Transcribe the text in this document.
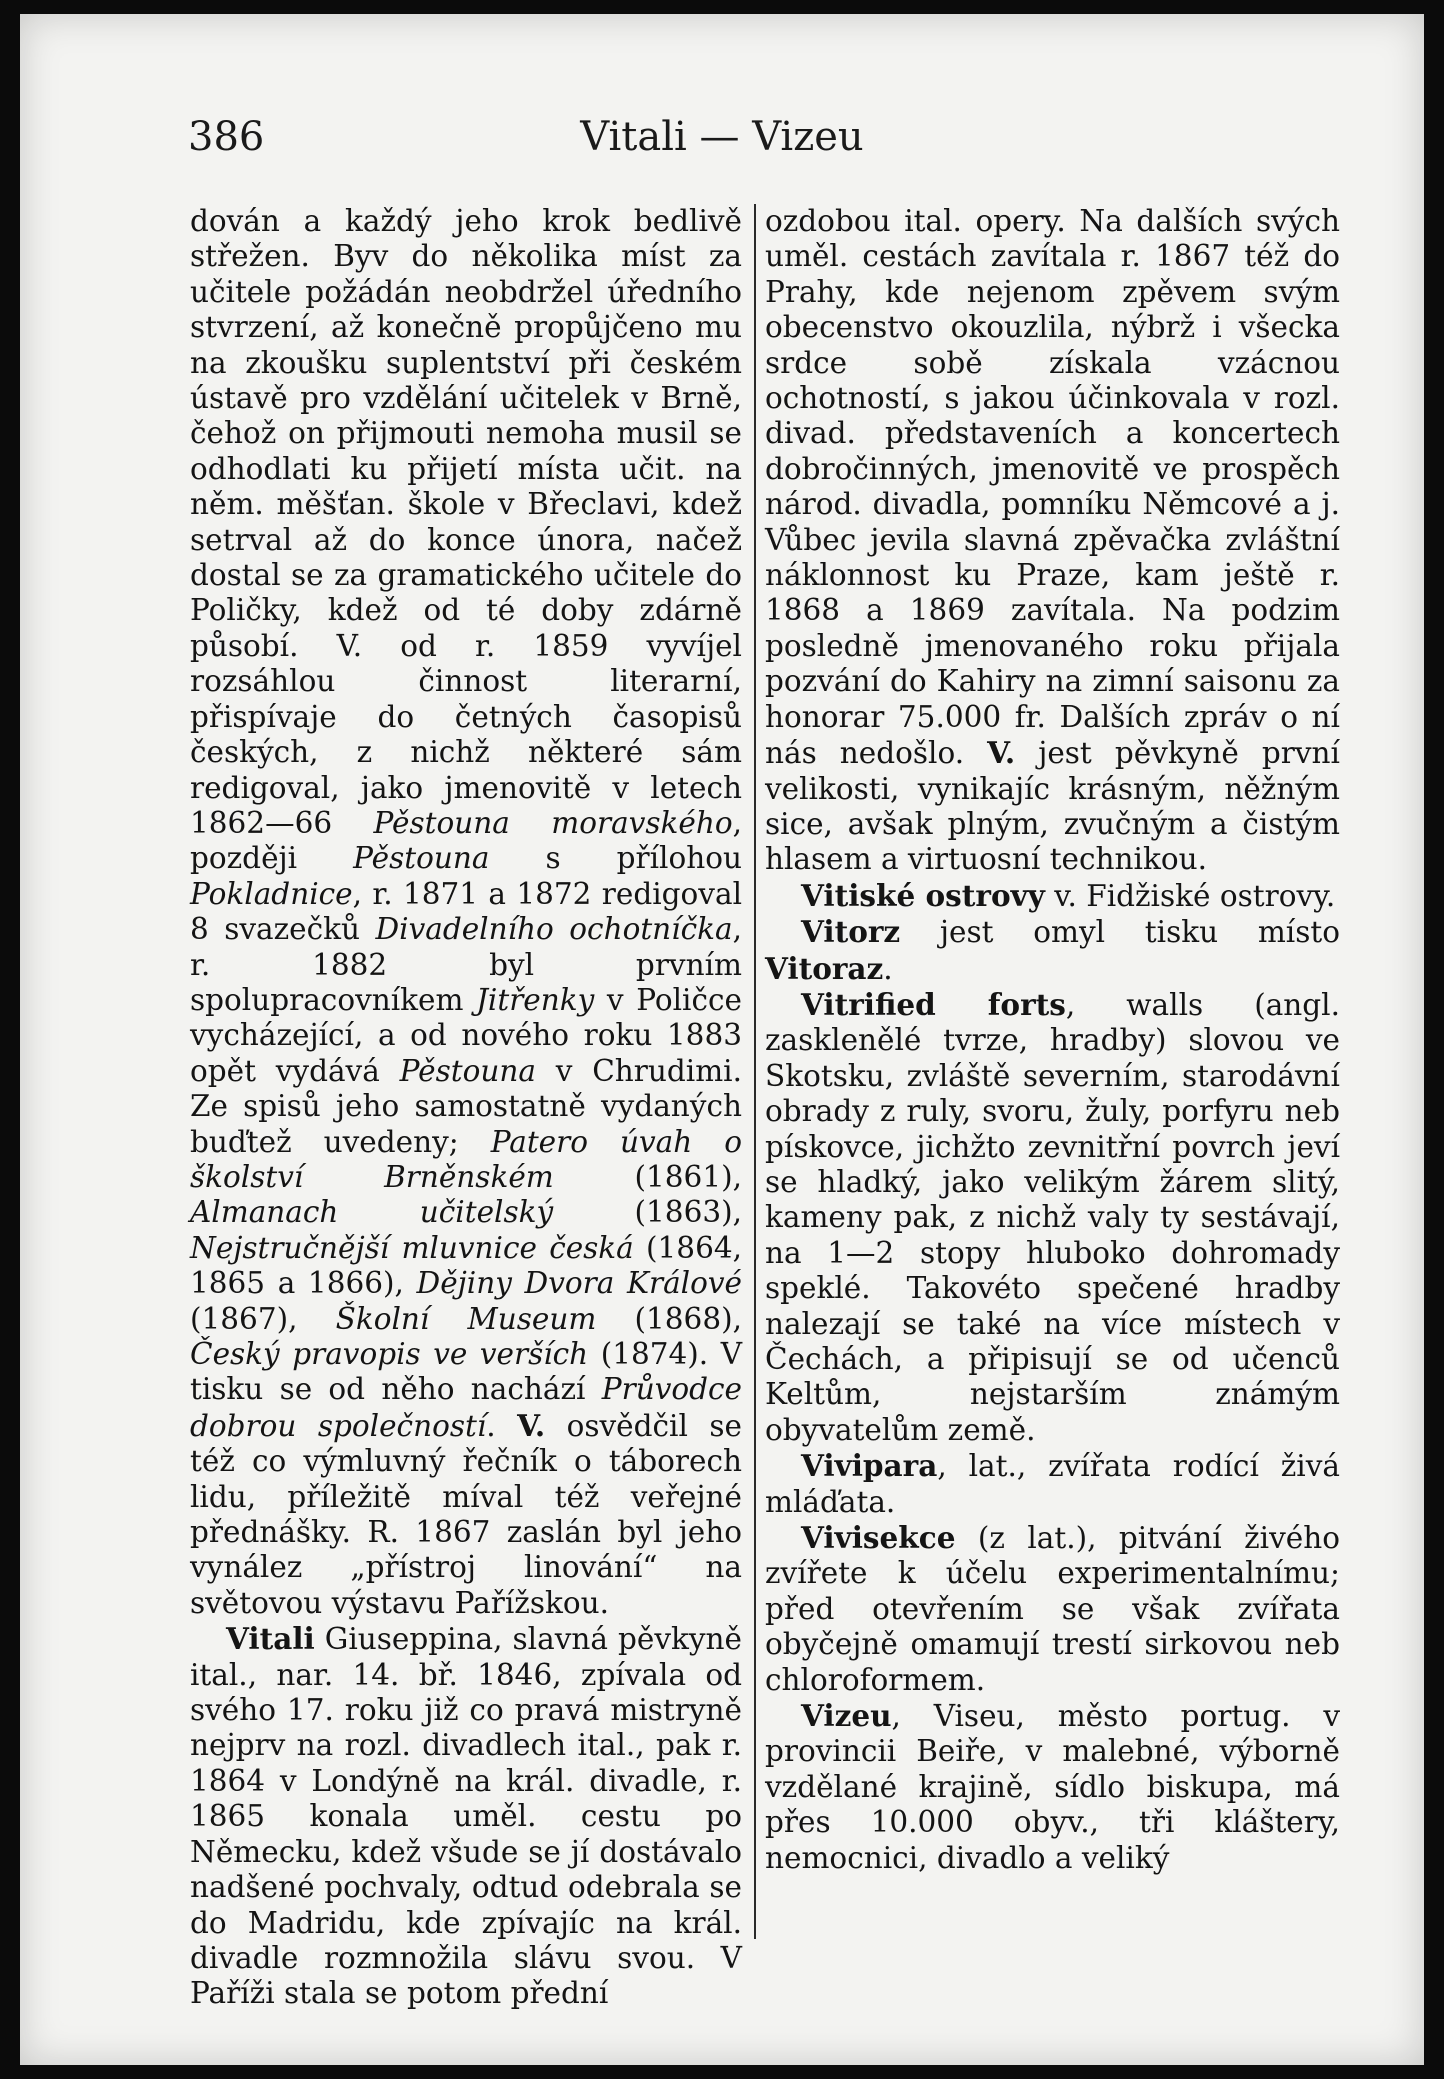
386	Vitali — Vizeu

dován a každý jeho krok bedlivě střežen. Byv do několika míst za učitele požádán neobdržel úředního stvrzení, až konečně propůjčeno mu na zkoušku suplentství při českém ústavě pro vzdělání učitelek v Brně, čehož on přijmouti nemoha musil se odhodlati ku přijetí místa učit. na něm. měšťan. škole v Břeclavi, kdež setrval až do konce února, načež dostal se za gramatického učitele do Poličky, kdež od té doby zdárně působí. V. od r. 1859 vyvíjel rozsáhlou činnost literarní, přispívaje do četných časopisů českých, z nichž některé sám redigoval, jako jmenovitě v letech 1862—66 Pěstouna moravského, později Pěstouna s přílohou Pokladnice, r. 1871 a 1872 redigoval 8 svazečků Divadelního ochotníčka, r. 1882 byl prvním spolupracovníkem Jitřenky v Poličce vycházející, a od nového roku 1883 opět vydává Pěstouna v Chrudimi. Ze spisů jeho samostatně vydaných buďtež uvedeny; Patero úvah o školství Brněnském (1861), Almanach učitelský (1863), Nejstručnější mluvnice česká (1864, 1865 a 1866), Dějiny Dvora Králové (1867), Školní Museum (1868), Český pravopis ve verších (1874). V tisku se od něho nachází Průvodce dobrou společností. V. osvědčil se též co výmluvný řečník o táborech lidu, příležitě míval též veřejné přednášky. R. 1867 zaslán byl jeho vynález „přístroj linování“ na světovou výstavu Pařížskou.

Vitali Giuseppina, slavná pěvkyně ital., nar. 14. bř. 1846, zpívala od svého 17. roku již co pravá mistryně nejprv na rozl. divadlech ital., pak r. 1864 v Londýně na král. divadle, r. 1865 konala uměl. cestu po Německu, kdež všude se jí dostávalo nadšené pochvaly, odtud odebrala se do Madridu, kde zpívajíc na král. divadle rozmnožila slávu svou. V Paříži stala se potom přední

ozdobou ital. opery. Na dalších svých uměl. cestách zavítala r. 1867 též do Prahy, kde nejenom zpěvem svým obecenstvo okouzlila, nýbrž i všecka srdce sobě získala vzácnou ochotností, s jakou účinkovala v rozl. divad. představeních a koncertech dobročinných, jmenovitě ve prospěch národ. divadla, pomníku Němcové a j. Vůbec jevila slavná zpěvačka zvláštní náklonnost ku Praze, kam ještě r. 1868 a 1869 zavítala. Na podzim posledně jmenovaného roku přijala pozvání do Kahiry na zimní saisonu za honorar 75.000 fr. Dalších zpráv o ní nás nedošlo. V. jest pěvkyně první velikosti, vynikajíc krásným, něžným sice, avšak plným, zvučným a čistým hlasem a virtuosní technikou.

Vitiské ostrovy v. Fidžiské ostrovy.

Vitorz jest omyl tisku místo Vitoraz.

Vitrified forts, walls (angl. zasklenělé tvrze, hradby) slovou ve Skotsku, zvláště severním, starodávní obrady z ruly, svoru, žuly, porfyru neb pískovce, jichžto zevnitřní povrch jeví se hladký, jako velikým žárem slitý, kameny pak, z nichž valy ty sestávají, na 1—2 stopy hluboko dohromady speklé. Takovéto spečené hradby nalezají se také na více místech v Čechách, a připisují se od učenců Keltům, nejstarším známým obyvatelům země.

Vivipara, lat., zvířata rodící živá mláďata.

Vivisekce (z lat.), pitvání živého zvířete k účelu experimentalnímu; před otevřením se však zvířata obyčejně omamují trestí sirkovou neb chloroformem.

Vizeu, Viseu, město portug. v provincii Beiře, v malebné, výborně vzdělané krajině, sídlo biskupa, má přes 10.000 obyv., tři kláštery, nemocnici, divadlo a veliký
